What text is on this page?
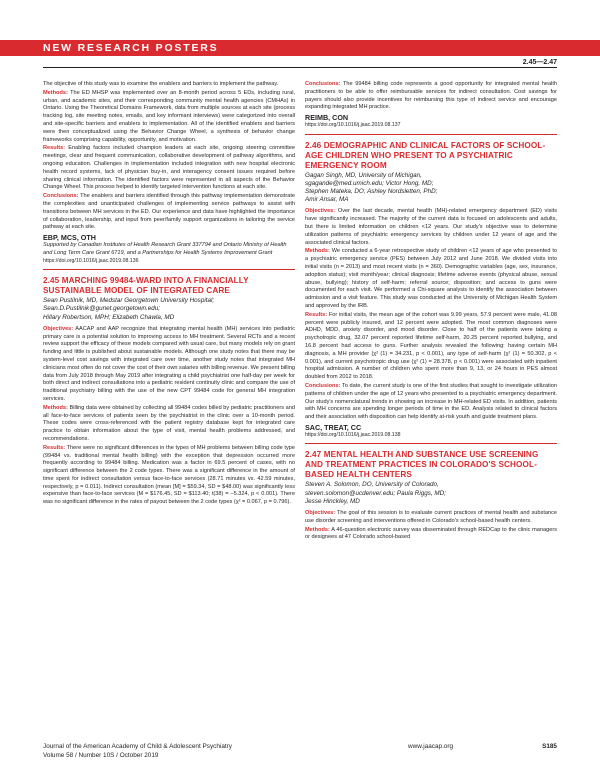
NEW RESEARCH POSTERS
2.45—2.47

The objective of this study was to examine the enablers and barriers to implement the pathway.

Methods: The ED MHSP was implemented over an 8-month period across 5 EDs, including rural, urban, and academic sites, and their corresponding community mental health agencies (CMHAs) in Ontario. Using the Theoretical Domains Framework, data from multiple sources at each site (process tracking log, site meeting notes, emails, and key informant interviews) were categorized into overall and site-specific barriers and enablers to implementation. All of the identified enablers and barriers were then conceptualized using the Behavior Change Wheel, a synthesis of behavior change frameworks comprising capability, opportunity, and motivation.

Results: Enabling factors included champion leaders at each site, ongoing steering committee meetings, clear and frequent communication, collaborative development of pathway algorithms, and ongoing education. Challenges in implementation included integration with new hospital electronic health record systems, lack of physician buy-in, and interagency consent issues required before sharing clinical information. The identified factors were represented in all aspects of the Behavior Change Wheel. This process helped to identify targeted intervention functions at each site.

Conclusions: The enablers and barriers identified through this pathway implementation demonstrate the complexities and unanticipated challenges of implementing service pathways to assist with transitions between MH services in the ED. Our experience and data have highlighted the importance of collaboration, leadership, and input from peer/family support organizations in tailoring the service pathway at each site.

EBP, MCS, OTH
Supported by Canadian Institutes of Health Research Grant 337794 and Ontario Ministry of Health and Long Term Care Grant 6719, and a Partnerships for Health Systems Improvement Grant
https://doi.org/10.1016/j.jaac.2019.08.136
2.45 MARCHING 99484-WARD INTO A FINANCIALLY SUSTAINABLE MODEL OF INTEGRATED CARE
Sean Pustilnik, MD, Medstar Georgetown University Hospital;
Sean.D.Pustilnik@gunet.georgetown.edu;
Hillary Robertson, MPH; Elizabeth Chawla, MD

Objectives: AACAP and AAP recognize that integrating mental health (MH) services into pediatric primary care is a potential solution to improving access to MH treatment. Several RCTs and a recent review support the efficacy of these models compared with usual care, but many models rely on grant funding and little is published about sustainable models. Although one study notes that there may be system-level cost savings with integrated care over time, another study notes that integrated MH clinicians most often do not cover the cost of their own salaries with billing revenue. We present billing data from July 2018 through May 2019 after integrating a child psychiatrist one half-day per week for both direct and indirect consultations into a pediatric resident continuity clinic and compare the use of traditional psychiatry billing with the use of the new CPT 99484 code for general MH integration services.

Methods: Billing data were obtained by collecting all 99484 codes billed by pediatric practitioners and all face-to-face services of patients seen by the psychiatrist in the clinic over a 10-month period. These codes were cross-referenced with the patient registry database kept for integrated care practice to obtain information about the type of visit, mental health problems addressed, and recommendations.

Results: There were no significant differences in the types of MH problems between billing code type (99484 vs. traditional mental health billing) with the exception that depression occurred more frequently according to 99484 billing. Medication was a factor in 69.5 percent of cases, with no significant difference between the 2 code types. There was a significant difference in the amount of time spent for indirect consultation versus face-to-face services (28.71 minutes vs. 42.59 minutes, respectively, p = 0.011). Indirect consultation (mean [M] = $59.34, SD = $48.00) was significantly less expensive than face-to-face services (M = $176.45, SD = $113.40; t(38) = −5.324, p < 0.001). There was no significant difference in the rates of payout between the 2 code types (χ² = 0.067, p = 0.796).

Conclusions: The 99484 billing code represents a good opportunity for integrated mental health practitioners to be able to offer reimbursable services for indirect consultation. Cost savings for payers should also provide incentives for reimbursing this type of indirect service and encourage expanding integrated MH practice.

REIMB, CON
https://doi.org/10.1016/j.jaac.2019.08.137
2.46 DEMOGRAPHIC AND CLINICAL FACTORS OF SCHOOL-AGE CHILDREN WHO PRESENT TO A PSYCHIATRIC EMERGENCY ROOM
Gagan Singh, MD, University of Michigan,
sgagande@med.umich.edu; Victor Hong, MD;
Stephen Mateka, DO; Ashley Nordsletten, PhD;
Amir Ansar, MA

Objectives: Over the last decade, mental health (MH)-related emergency department (ED) visits have significantly increased. The majority of the current data is focused on adolescents and adults, but there is limited information on children <12 years. Our study's objective was to determine utilization patterns of psychiatric emergency services by children under 12 years of age and the associated clinical factors.

Methods: We conducted a 6-year retrospective study of children <12 years of age who presented to a psychiatric emergency service (PES) between July 2012 and June 2018. We divided visits into initial visits (n = 2013) and most recent visits (n = 360). Demographic variables (age, sex, insurance, adoption status); visit month/year; clinical diagnosis; lifetime adverse events (physical abuse, sexual abuse, bullying); history of self-harm; referral source; disposition; and access to guns were documented for each visit. We performed a Chi-square analysis to identify the association between admission and a visit feature. This study was conducted at the University of Michigan Health System and approved by the IRB.

Results: For initial visits, the mean age of the cohort was 9.99 years, 57.9 percent were male, 41.08 percent were publicly insured, and 12 percent were adopted. The most common diagnoses were ADHD, MDD, anxiety disorder, and mood disorder. Close to half of the patients were taking a psychotropic drug, 32.07 percent reported lifetime self-harm, 20.25 percent reported bullying, and 16.8 percent had access to guns. Further analysis revealed the following: having certain MH diagnosis, a MH provider (χ² (1) = 34.231, p < 0.001), any type of self-harm (χ² (1) = 50.302, p < 0.001), and current psychotropic drug use (χ² (1) = 28.378, p < 0.001) were associated with inpatient hospital admission. A number of children who spent more than 9, 13, or 24 hours in PES almost doubled from 2012 to 2018.

Conclusions: To date, the current study is one of the first studies that sought to investigate utilization patterns of children under the age of 12 years who presented to a psychiatric emergency department. Our study's nomenclatural trends in showing an increase in MH-related ED visits. In addition, patients with MH concerns are spending longer periods of time in the ED. Analysis related to clinical factors and their association with disposition can help identify at-risk youth and guide treatment plans.

SAC, TREAT, CC
https://doi.org/10.1016/j.jaac.2019.08.138
2.47 MENTAL HEALTH AND SUBSTANCE USE SCREENING AND TREATMENT PRACTICES IN COLORADO'S SCHOOL-BASED HEALTH CENTERS
Steven A. Solomon, DO, University of Colorado,
steven.solomon@ucdenver.edu; Paula Riggs, MD;
Jesse Hinckley, MD

Objectives: The goal of this session is to evaluate current practices of mental health and substance use disorder screening and interventions offered in Colorado's school-based health centers.

Methods: A 46-question electronic survey was disseminated through REDCap to the clinic managers or designees at 47 Colorado school-based

Journal of the American Academy of Child & Adolescent Psychiatry
Volume 58 / Number 10S / October 2019
www.jaacap.org	S185
